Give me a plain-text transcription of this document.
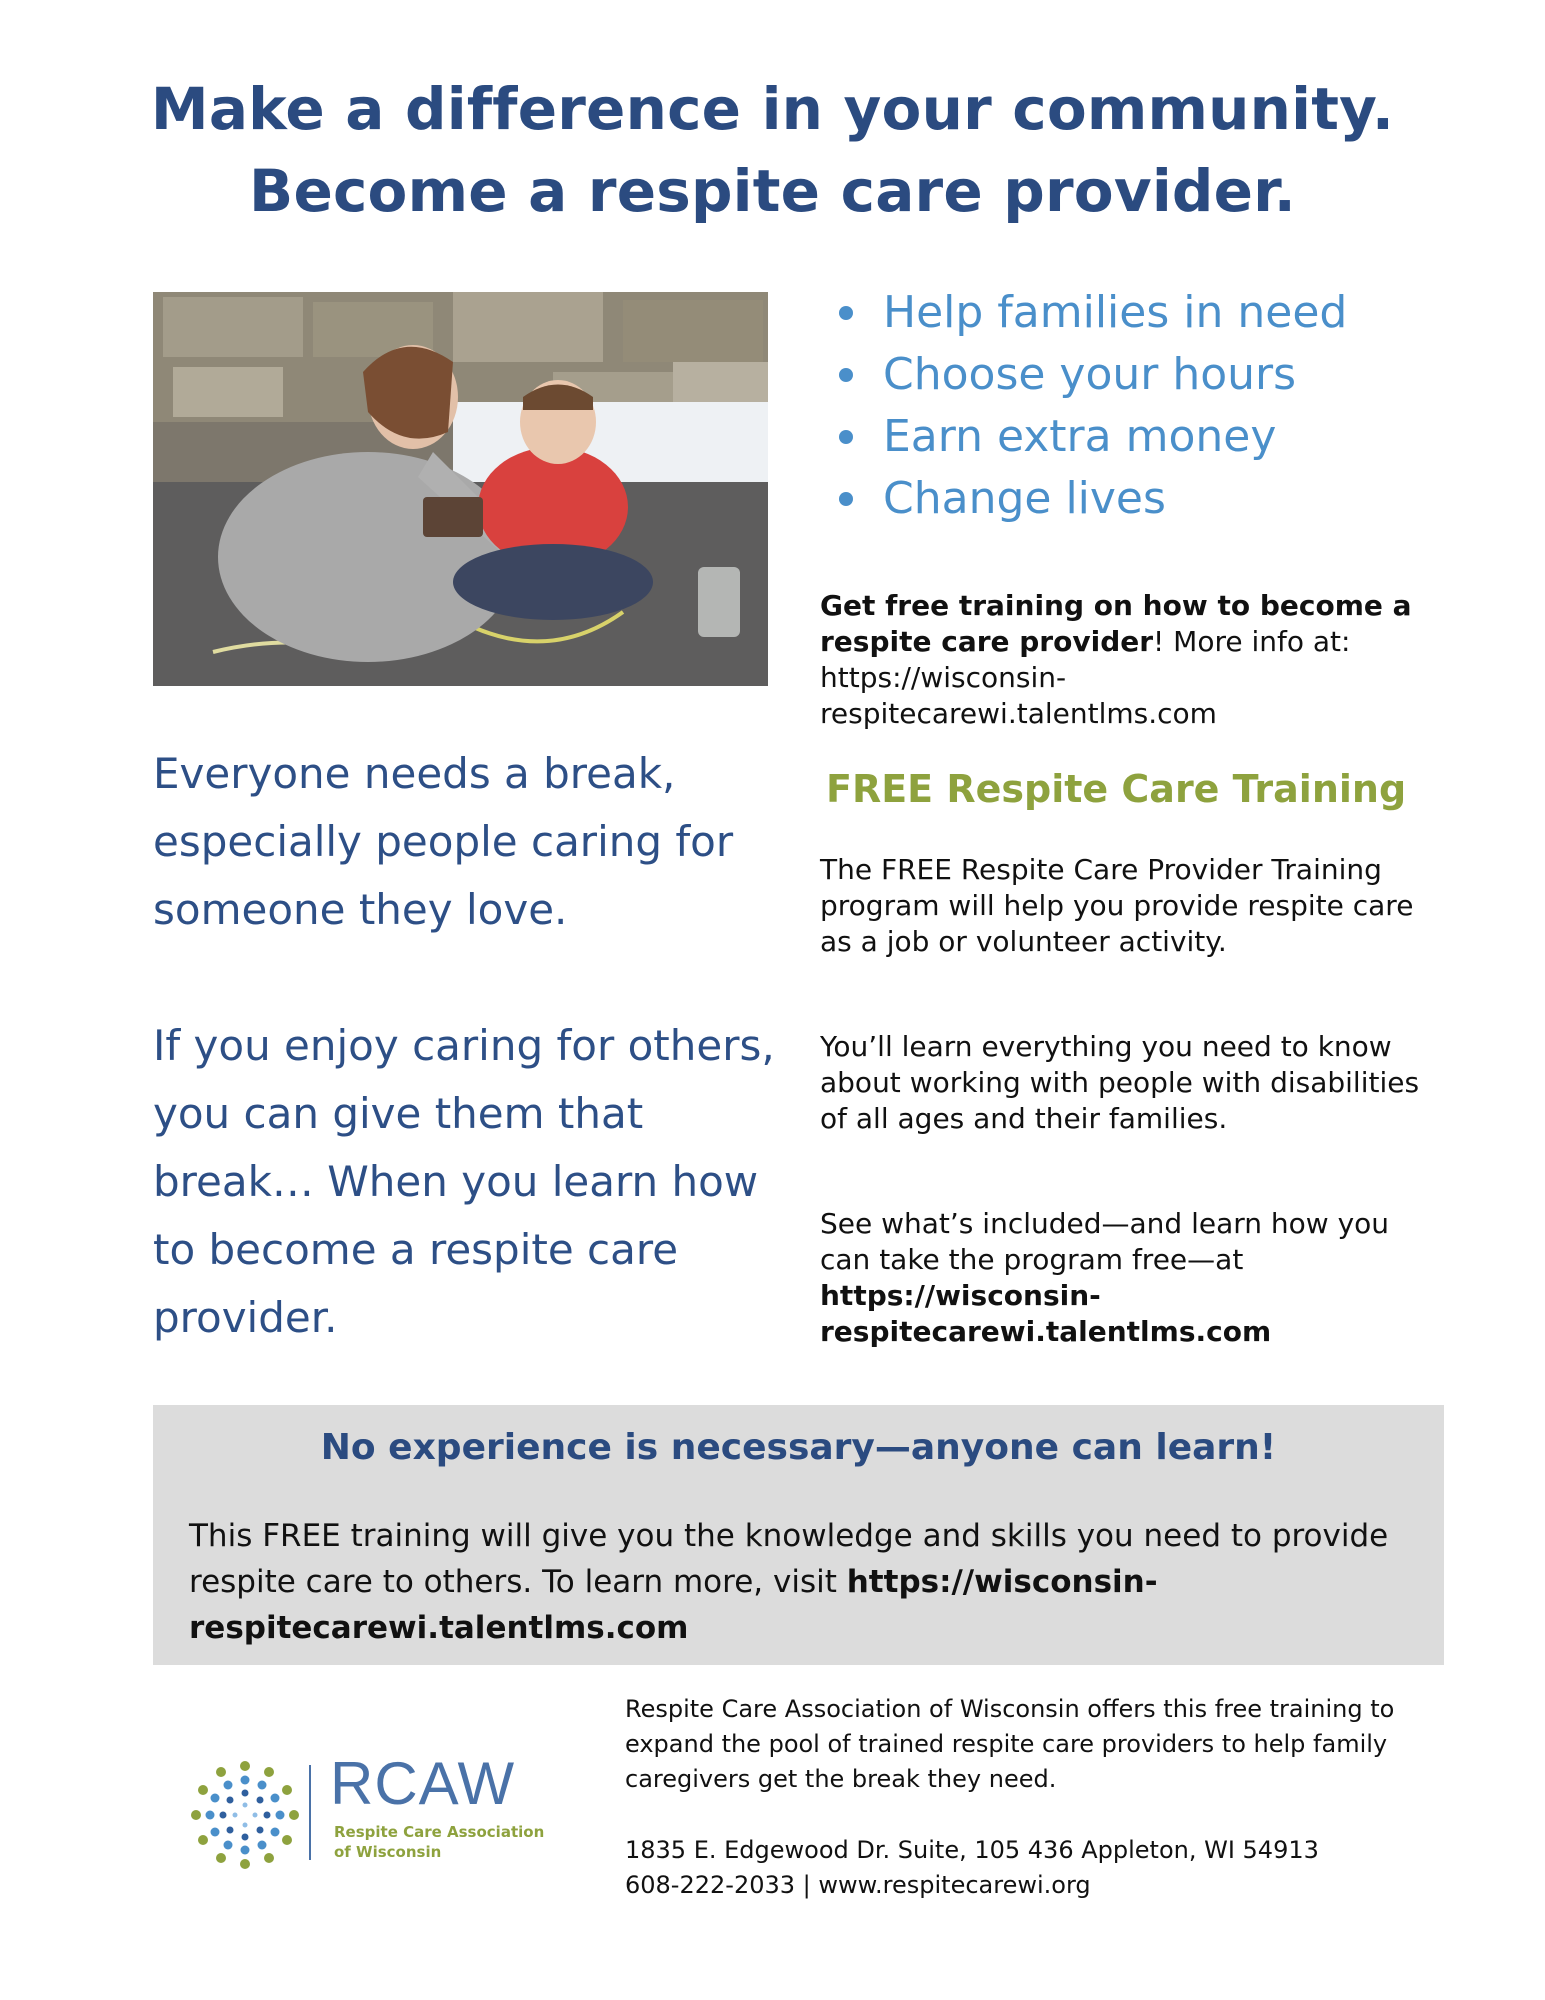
Make a difference in your community.
Become a respite care provider.
Help families in need
Choose your hours
Earn extra money
Change lives
Get free training on how to become a respite care provider! More info at: https://wisconsin-respitecarewi.talentlms.com
FREE Respite Care Training
The FREE Respite Care Provider Training program will help you provide respite care as a job or volunteer activity.
You’ll learn everything you need to know about working with people with disabilities of all ages and their families.
See what’s included—and learn how you can take the program free—at https://wisconsin-respitecarewi.talentlms.com
Everyone needs a break, especially people caring for someone they love.
If you enjoy caring for others, you can give them that break… When you learn how to become a respite care provider.
No experience is necessary—anyone can learn!
This FREE training will give you the knowledge and skills you need to provide respite care to others. To learn more, visit https://wisconsin-respitecarewi.talentlms.com
RCAW
Respite Care Association
of Wisconsin
Respite Care Association of Wisconsin offers this free training to expand the pool of trained respite care providers to help family caregivers get the break they need.
1835 E. Edgewood Dr. Suite, 105 436 Appleton, WI 54913
608-222-2033 | www.respitecarewi.org
